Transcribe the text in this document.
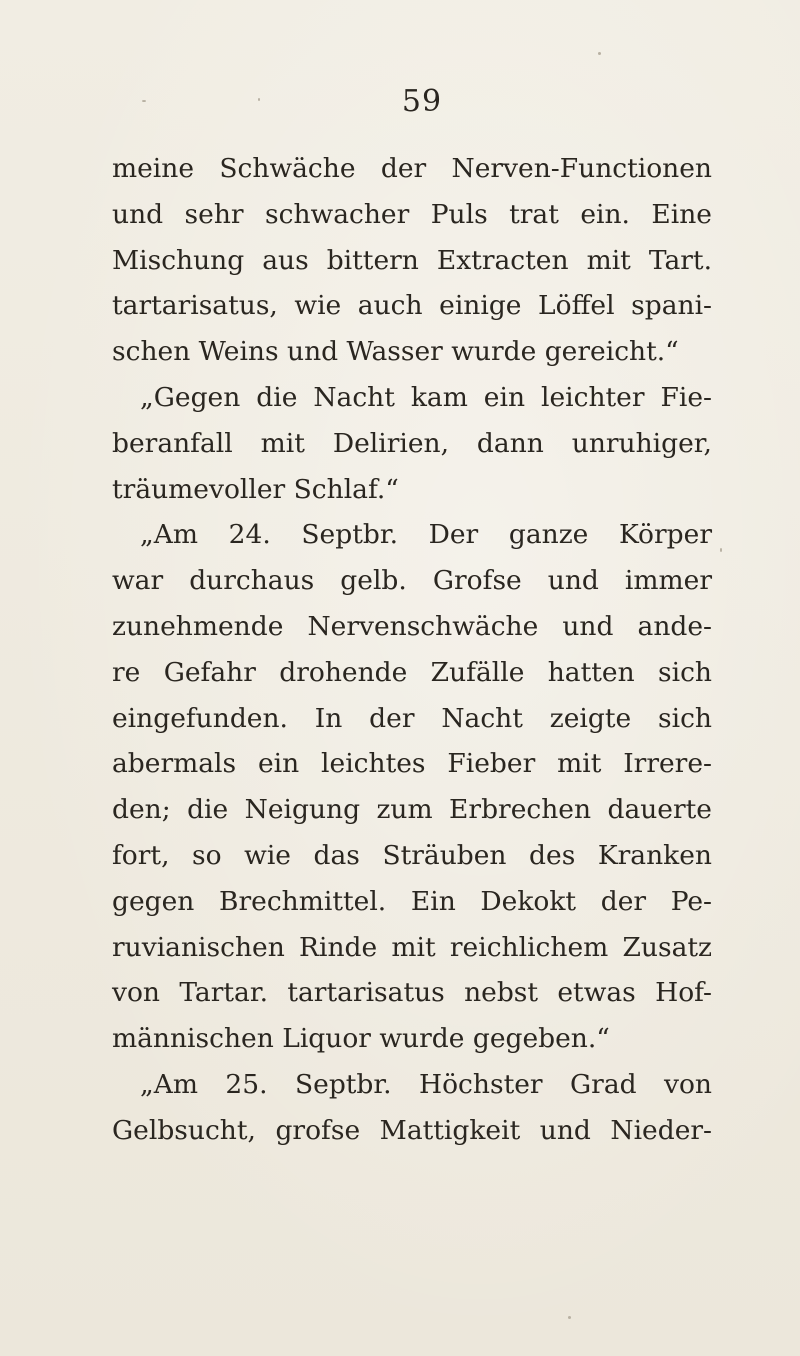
59
meine Schwäche der Nerven-Functionen
und sehr schwacher Puls trat ein. Eine
Mischung aus bittern Extracten mit Tart.
tartarisatus, wie auch einige Löffel spani-
schen Weins und Wasser wurde gereicht.“
„Gegen die Nacht kam ein leichter Fie-
beranfall mit Delirien, dann unruhiger,
träumevoller Schlaf.“
„Am 24. Septbr. Der ganze Körper
war durchaus gelb. Grofse und immer
zunehmende Nervenschwäche und ande-
re Gefahr drohende Zufälle hatten sich
eingefunden. In der Nacht zeigte sich
abermals ein leichtes Fieber mit Irrere-
den; die Neigung zum Erbrechen dauerte
fort, so wie das Sträuben des Kranken
gegen Brechmittel. Ein Dekokt der Pe-
ruvianischen Rinde mit reichlichem Zusatz
von Tartar. tartarisatus nebst etwas Hof-
männischen Liquor wurde gegeben.“
„Am 25. Septbr. Höchster Grad von
Gelbsucht, grofse Mattigkeit und Nieder-
